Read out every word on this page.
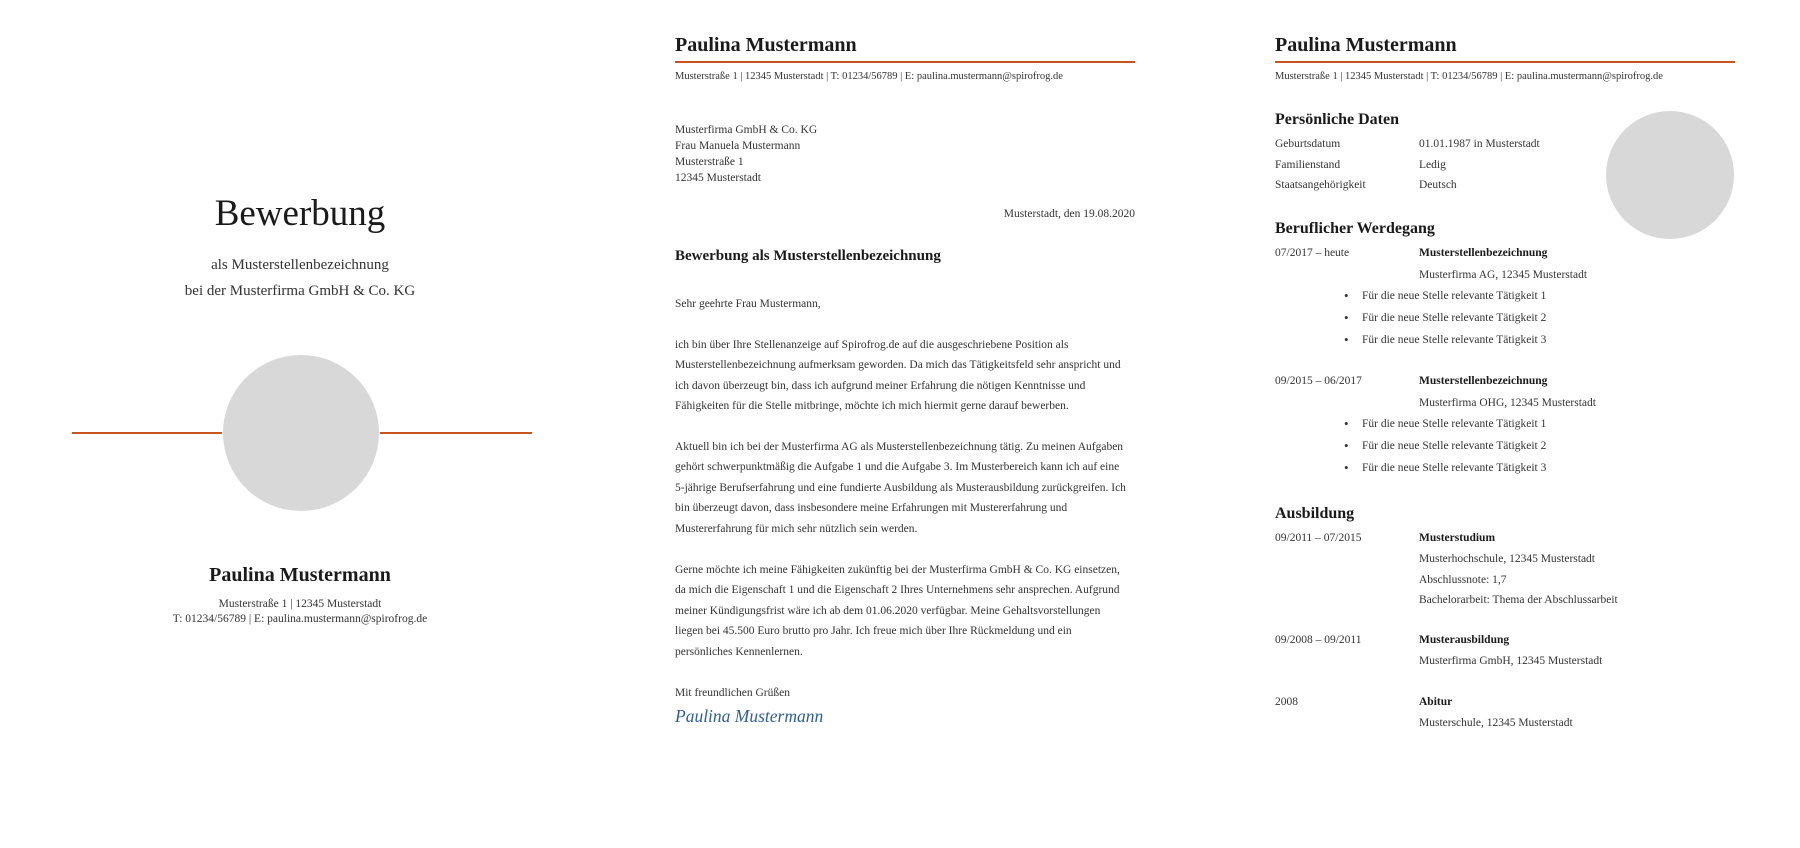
Bewerbung
als Musterstellenbezeichnung
bei der Musterfirma GmbH & Co. KG
Paulina Mustermann
Musterstraße 1 | 12345 Musterstadt
T: 01234/56789 | E: paulina.mustermann@spirofrog.de
Paulina Mustermann
Musterstraße 1 | 12345 Musterstadt | T: 01234/56789 | E: paulina.mustermann@spirofrog.de
Musterfirma GmbH & Co. KG
Frau Manuela Mustermann
Musterstraße 1
12345 Musterstadt
Musterstadt, den 19.08.2020
Bewerbung als Musterstellenbezeichnung
Sehr geehrte Frau Mustermann,
ich bin über Ihre Stellenanzeige auf Spirofrog.de auf die ausgeschriebene Position als
Musterstellenbezeichnung aufmerksam geworden. Da mich das Tätigkeitsfeld sehr anspricht und
ich davon überzeugt bin, dass ich aufgrund meiner Erfahrung die nötigen Kenntnisse und
Fähigkeiten für die Stelle mitbringe, möchte ich mich hiermit gerne darauf bewerben.
Aktuell bin ich bei der Musterfirma AG als Musterstellenbezeichnung tätig. Zu meinen Aufgaben
gehört schwerpunktmäßig die Aufgabe 1 und die Aufgabe 3. Im Musterbereich kann ich auf eine
5-jährige Berufserfahrung und eine fundierte Ausbildung als Musterausbildung zurückgreifen. Ich
bin überzeugt davon, dass insbesondere meine Erfahrungen mit Mustererfahrung und
Mustererfahrung für mich sehr nützlich sein werden.
Gerne möchte ich meine Fähigkeiten zukünftig bei der Musterfirma GmbH & Co. KG einsetzen,
da mich die Eigenschaft 1 und die Eigenschaft 2 Ihres Unternehmens sehr ansprechen. Aufgrund
meiner Kündigungsfrist wäre ich ab dem 01.06.2020 verfügbar. Meine Gehaltsvorstellungen
liegen bei 45.500 Euro brutto pro Jahr. Ich freue mich über Ihre Rückmeldung und ein
persönliches Kennenlernen.
Mit freundlichen Grüßen
Paulina Mustermann
Paulina Mustermann
Musterstraße 1 | 12345 Musterstadt | T: 01234/56789 | E: paulina.mustermann@spirofrog.de
Persönliche Daten
Geburtsdatum	01.01.1987 in Musterstadt
Familienstand	Ledig
Staatsangehörigkeit	Deutsch
Beruflicher Werdegang
07/2017 – heute	Musterstellenbezeichnung
Musterfirma AG, 12345 Musterstadt
• Für die neue Stelle relevante Tätigkeit 1
• Für die neue Stelle relevante Tätigkeit 2
• Für die neue Stelle relevante Tätigkeit 3
09/2015 – 06/2017	Musterstellenbezeichnung
Musterfirma OHG, 12345 Musterstadt
• Für die neue Stelle relevante Tätigkeit 1
• Für die neue Stelle relevante Tätigkeit 2
• Für die neue Stelle relevante Tätigkeit 3
Ausbildung
09/2011 – 07/2015	Musterstudium
Musterhochschule, 12345 Musterstadt
Abschlussnote: 1,7
Bachelorarbeit: Thema der Abschlussarbeit
09/2008 – 09/2011	Musterausbildung
Musterfirma GmbH, 12345 Musterstadt
2008	Abitur
Musterschule, 12345 Musterstadt
